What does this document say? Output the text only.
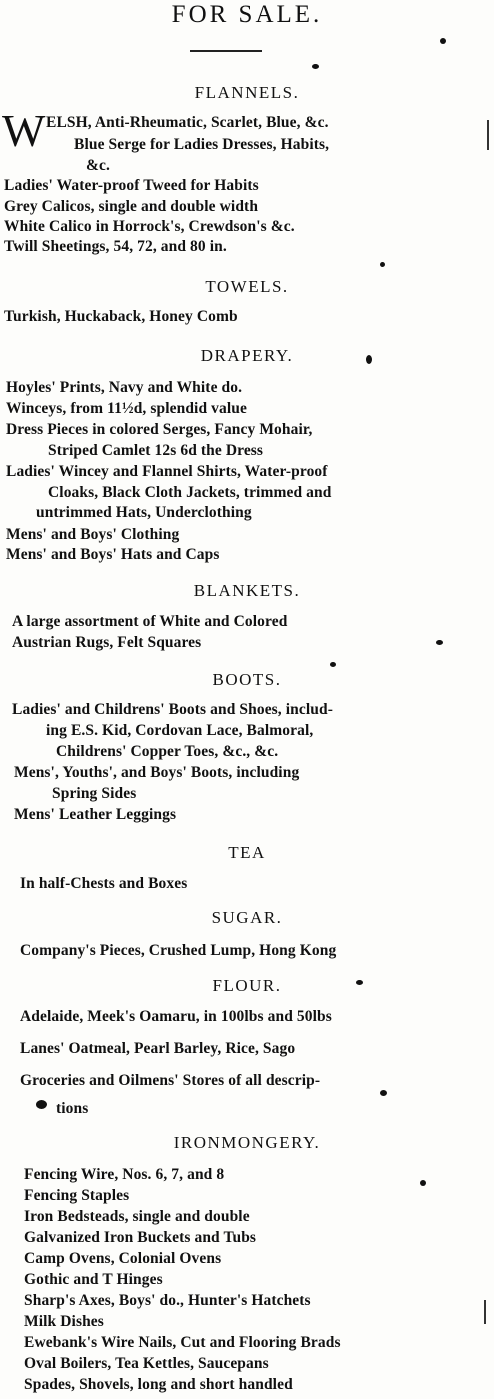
FOR SALE.
FLANNELS.
W ELSH, Anti-Rheumatic, Scarlet, Blue, &c.
Blue Serge for Ladies Dresses, Habits,
&c.
Ladies' Water-proof Tweed for Habits
Grey Calicos, single and double width
White Calico in Horrock's, Crewdson's &c.
Twill Sheetings, 54, 72, and 80 in.
TOWELS.
Turkish, Huckaback, Honey Comb
DRAPERY.
Hoyles' Prints, Navy and White do.
Winceys, from 11½d, splendid value
Dress Pieces in colored Serges, Fancy Mohair,
Striped Camlet 12s 6d the Dress
Ladies' Wincey and Flannel Shirts, Water-proof
Cloaks, Black Cloth Jackets, trimmed and
untrimmed Hats, Underclothing
Mens' and Boys' Clothing
Mens' and Boys' Hats and Caps
BLANKETS.
A large assortment of White and Colored
Austrian Rugs, Felt Squares
BOOTS.
Ladies' and Childrens' Boots and Shoes, includ-
ing E.S. Kid, Cordovan Lace, Balmoral,
Childrens' Copper Toes, &c., &c.
Mens', Youths', and Boys' Boots, including
Spring Sides
Mens' Leather Leggings
TEA
In half-Chests and Boxes
SUGAR.
Company's Pieces, Crushed Lump, Hong Kong
FLOUR.
Adelaide, Meek's Oamaru, in 100lbs and 50lbs
Lanes' Oatmeal, Pearl Barley, Rice, Sago
Groceries and Oilmens' Stores of all descrip-
tions
IRONMONGERY.
Fencing Wire, Nos. 6, 7, and 8
Fencing Staples
Iron Bedsteads, single and double
Galvanized Iron Buckets and Tubs
Camp Ovens, Colonial Ovens
Gothic and T Hinges
Sharp's Axes, Boys' do., Hunter's Hatchets
Milk Dishes
Ewebank's Wire Nails, Cut and Flooring Brads
Oval Boilers, Tea Kettles, Saucepans
Spades, Shovels, long and short handled
